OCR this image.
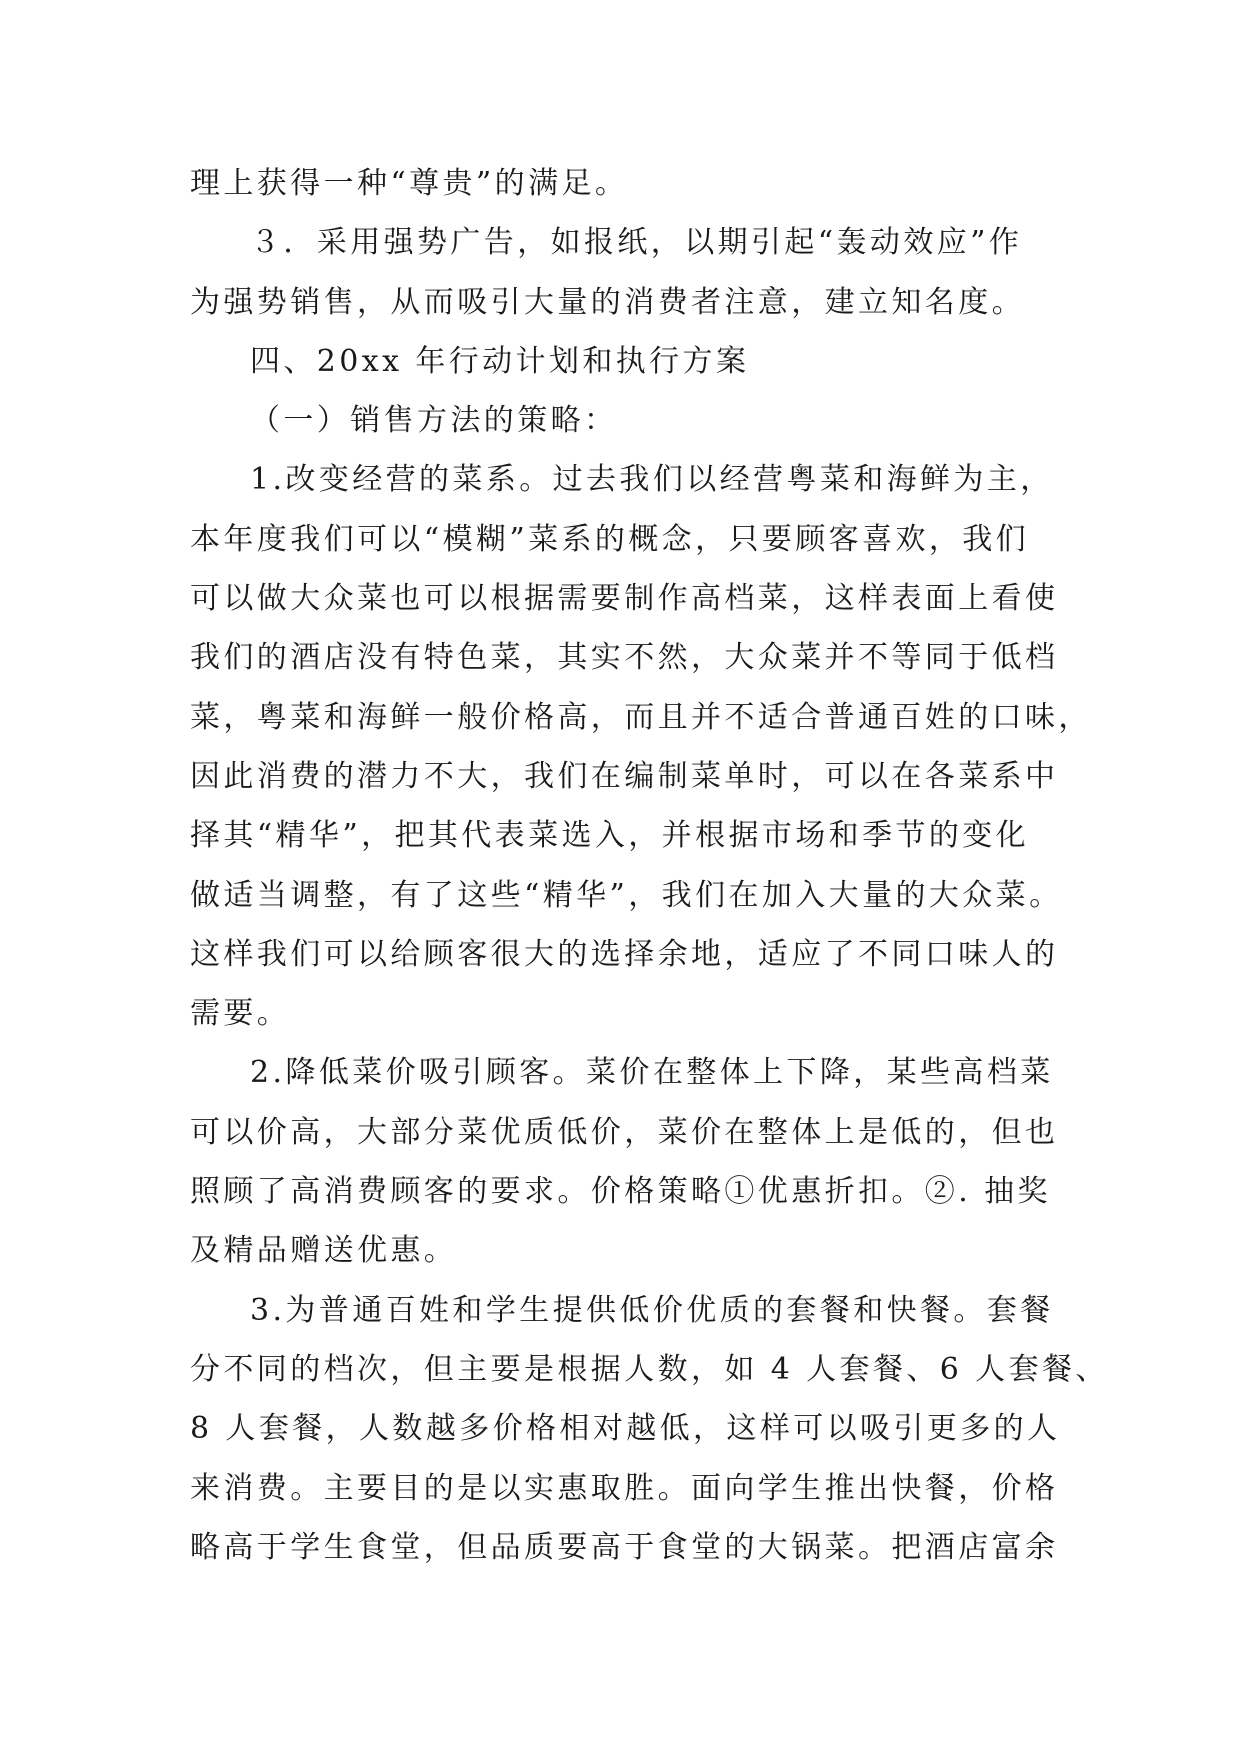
理上获得一种“尊贵”的满足。
３．采用强势广告，如报纸，以期引起“轰动效应”作
为强势销售，从而吸引大量的消费者注意，建立知名度。
四、20xx 年行动计划和执行方案
（一）销售方法的策略：
1.改变经营的菜系。过去我们以经营粤菜和海鲜为主，
本年度我们可以“模糊”菜系的概念，只要顾客喜欢，我们
可以做大众菜也可以根据需要制作高档菜，这样表面上看使
我们的酒店没有特色菜，其实不然，大众菜并不等同于低档
菜，粤菜和海鲜一般价格高，而且并不适合普通百姓的口味，
因此消费的潜力不大，我们在编制菜单时，可以在各菜系中
择其“精华”，把其代表菜选入，并根据市场和季节的变化
做适当调整，有了这些“精华”，我们在加入大量的大众菜。
这样我们可以给顾客很大的选择余地，适应了不同口味人的
需要。
2.降低菜价吸引顾客。菜价在整体上下降，某些高档菜
可以价高，大部分菜优质低价，菜价在整体上是低的，但也
照顾了高消费顾客的要求。价格策略①优惠折扣。②. 抽奖
及精品赠送优惠。
3.为普通百姓和学生提供低价优质的套餐和快餐。套餐
分不同的档次，但主要是根据人数，如 4 人套餐、6 人套餐、
8 人套餐，人数越多价格相对越低，这样可以吸引更多的人
来消费。主要目的是以实惠取胜。面向学生推出快餐，价格
略高于学生食堂，但品质要高于食堂的大锅菜。把酒店富余
